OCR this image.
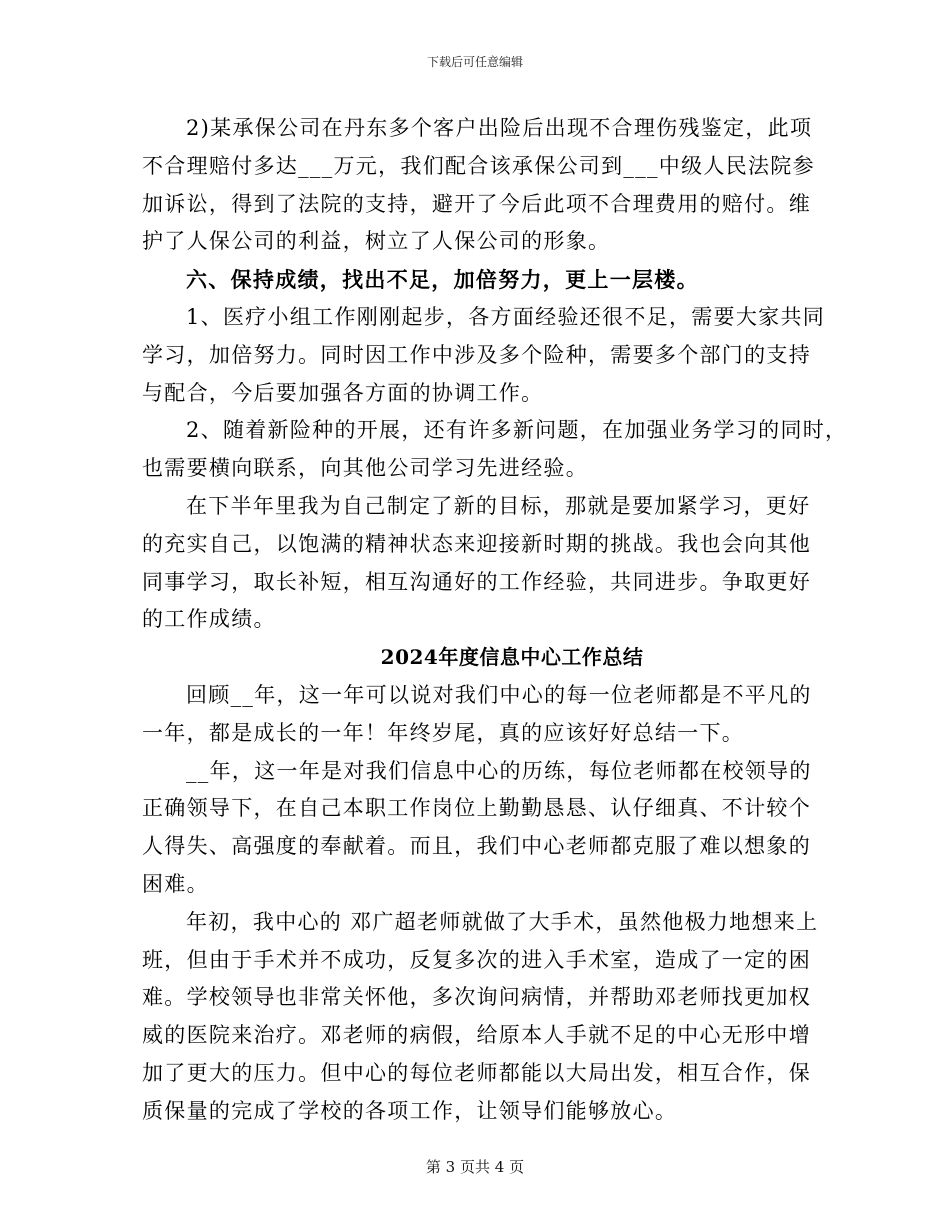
下载后可任意编辑
2)某承保公司在丹东多个客户出险后出现不合理伤残鉴定，此项
不合理赔付多达___万元，我们配合该承保公司到___中级人民法院参
加诉讼，得到了法院的支持，避开了今后此项不合理费用的赔付。维
护了人保公司的利益，树立了人保公司的形象。
六、保持成绩，找出不足，加倍努力，更上一层楼。
1、医疗小组工作刚刚起步，各方面经验还很不足，需要大家共同
学习，加倍努力。同时因工作中涉及多个险种，需要多个部门的支持
与配合，今后要加强各方面的协调工作。
2、随着新险种的开展，还有许多新问题，在加强业务学习的同时，
也需要横向联系，向其他公司学习先进经验。
在下半年里我为自己制定了新的目标，那就是要加紧学习，更好
的充实自己，以饱满的精神状态来迎接新时期的挑战。我也会向其他
同事学习，取长补短，相互沟通好的工作经验，共同进步。争取更好
的工作成绩。
2024年度信息中心工作总结
回顾__年，这一年可以说对我们中心的每一位老师都是不平凡的
一年，都是成长的一年！年终岁尾，真的应该好好总结一下。
__年，这一年是对我们信息中心的历练，每位老师都在校领导的
正确领导下，在自己本职工作岗位上勤勤恳恳、认仔细真、不计较个
人得失、高强度的奉献着。而且，我们中心老师都克服了难以想象的
困难。
年初，我中心的 邓广超老师就做了大手术，虽然他极力地想来上
班，但由于手术并不成功，反复多次的进入手术室，造成了一定的困
难。学校领导也非常关怀他，多次询问病情，并帮助邓老师找更加权
威的医院来治疗。邓老师的病假，给原本人手就不足的中心无形中增
加了更大的压力。但中心的每位老师都能以大局出发，相互合作，保
质保量的完成了学校的各项工作，让领导们能够放心。
第 3 页共 4 页
